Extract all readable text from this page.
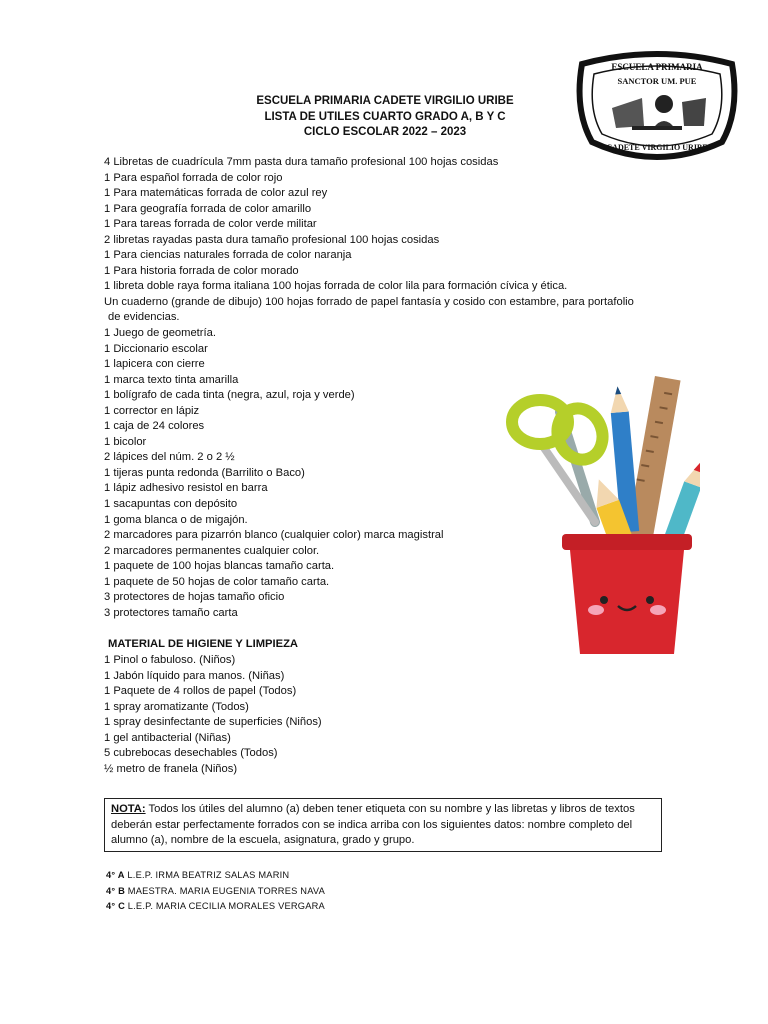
ESCUELA PRIMARIA CADETE VIRGILIO URIBE
LISTA DE UTILES CUARTO GRADO A, B Y C
CICLO ESCOLAR 2022 – 2023
ESCUELA PRIMARIA
SANCTOR UM. PUE
CADETE VIRGILIO URIBE
4 Libretas de cuadrícula 7mm pasta dura tamaño profesional 100 hojas cosidas
1 Para español forrada de color rojo
1 Para matemáticas forrada de color azul rey
1 Para geografía forrada de color amarillo
1 Para tareas forrada de color verde militar
2 libretas rayadas pasta dura tamaño profesional 100 hojas cosidas
1 Para ciencias naturales forrada de color naranja
1 Para historia forrada de color morado
1 libreta doble raya forma italiana 100 hojas forrada de color lila para formación cívica y ética.
Un cuaderno (grande de dibujo) 100 hojas forrado de papel fantasía y cosido con estambre, para portafolio
de evidencias.
1 Juego de geometría.
1 Diccionario escolar
1 lapicera con cierre
1 marca texto tinta amarilla
1 bolígrafo de cada tinta (negra, azul, roja y verde)
1 corrector en lápiz
1 caja de 24 colores
1 bicolor
2 lápices del núm. 2 o 2 ½
1 tijeras punta redonda (Barrilito o Baco)
1 lápiz adhesivo resistol en barra
1 sacapuntas con depósito
1 goma blanca o de migajón.
2 marcadores para pizarrón blanco (cualquier color) marca magistral
2 marcadores permanentes cualquier color.
1 paquete de 100 hojas blancas tamaño carta.
1 paquete de 50 hojas de color tamaño carta.
3 protectores de hojas tamaño oficio
3 protectores tamaño carta
MATERIAL DE HIGIENE Y LIMPIEZA
1 Pinol o fabuloso. (Niños)
1 Jabón líquido para manos. (Niñas)
1 Paquete de 4 rollos de papel (Todos)
1 spray aromatizante (Todos)
1 spray desinfectante de superficies (Niños)
1 gel antibacterial (Niñas)
5 cubrebocas desechables (Todos)
½ metro de franela (Niños)
NOTA: Todos los útiles del alumno (a) deben tener etiqueta con su nombre y las libretas y libros de textos deberán estar perfectamente forrados con se indica arriba con los siguientes datos: nombre completo del alumno (a), nombre de la escuela, asignatura, grado y grupo.
4° A L.E.P. IRMA BEATRIZ SALAS MARIN
4° B MAESTRA. MARIA EUGENIA TORRES NAVA
4° C L.E.P. MARIA CECILIA MORALES VERGARA
